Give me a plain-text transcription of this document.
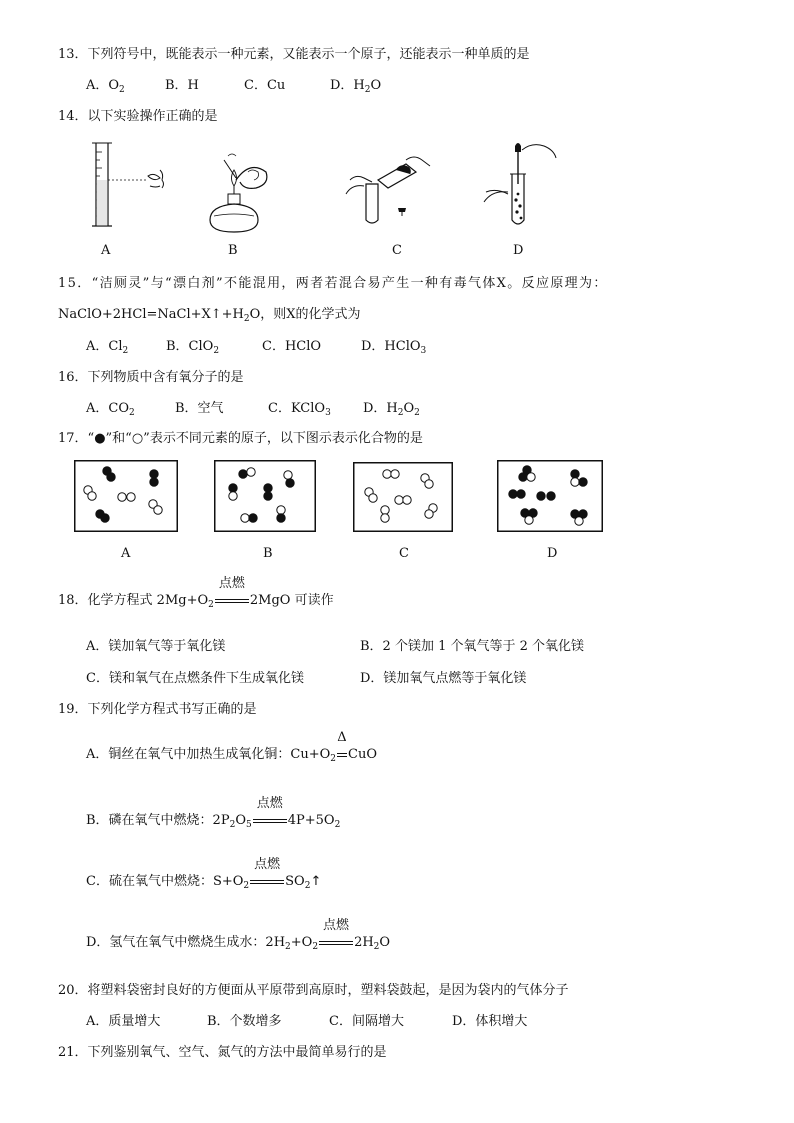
13．下列符号中，既能表示一种元素，又能表示一个原子，还能表示一种单质的是
A．$O_2$	B．H	C．Cu	D．$H_2O$
14．以下实验操作正确的是
A	B	C	D
15．“洁厕灵”与“漂白剂”不能混用，两者若混合易产生一种有毒气体X。反应原理为：
$NaClO+2HCl=NaCl+X↑+H_2O$，则X的化学式为
A．$Cl_2$	B．ClO$_2$	C．HClO	D．HClO$_3$
16．下列物质中含有氧分子的是
A．$CO_2$	B．空气	C．KClO$_3$ D．$H_2O_2$
17．“●”和“○”表示不同元素的原子，以下图示表示化合物的是
A	B	C	D
18．化学方程式 $2Mg+O_2$
点燃
2MgO 可读作
A．镁加氧气等于氧化镁	B．2 个镁加 1 个氧气等于 2 个氧化镁
C．镁和氧气在点燃条件下生成氧化镁	D．镁加氧气点燃等于氧化镁
19．下列化学方程式书写正确的是
A．铜丝在氧气中加热生成氧化铜：$Cu+O_2$
Δ
CuO
B．磷在氧气中燃烧：$2P_2O_5$
点燃
$4P+5O_2$
C．硫在氧气中燃烧：$S+O_2$
点燃
$SO_2↑$
D．氢气在氧气中燃烧生成水：$2H_2+O_2$
点燃
$2H_2O$
20．将塑料袋密封良好的方便面从平原带到高原时，塑料袋鼓起，是因为袋内的气体分子
A．质量增大	B．个数增多	C．间隔增大	D．体积增大
21．下列鉴别氧气、空气、氮气的方法中最简单易行的是
